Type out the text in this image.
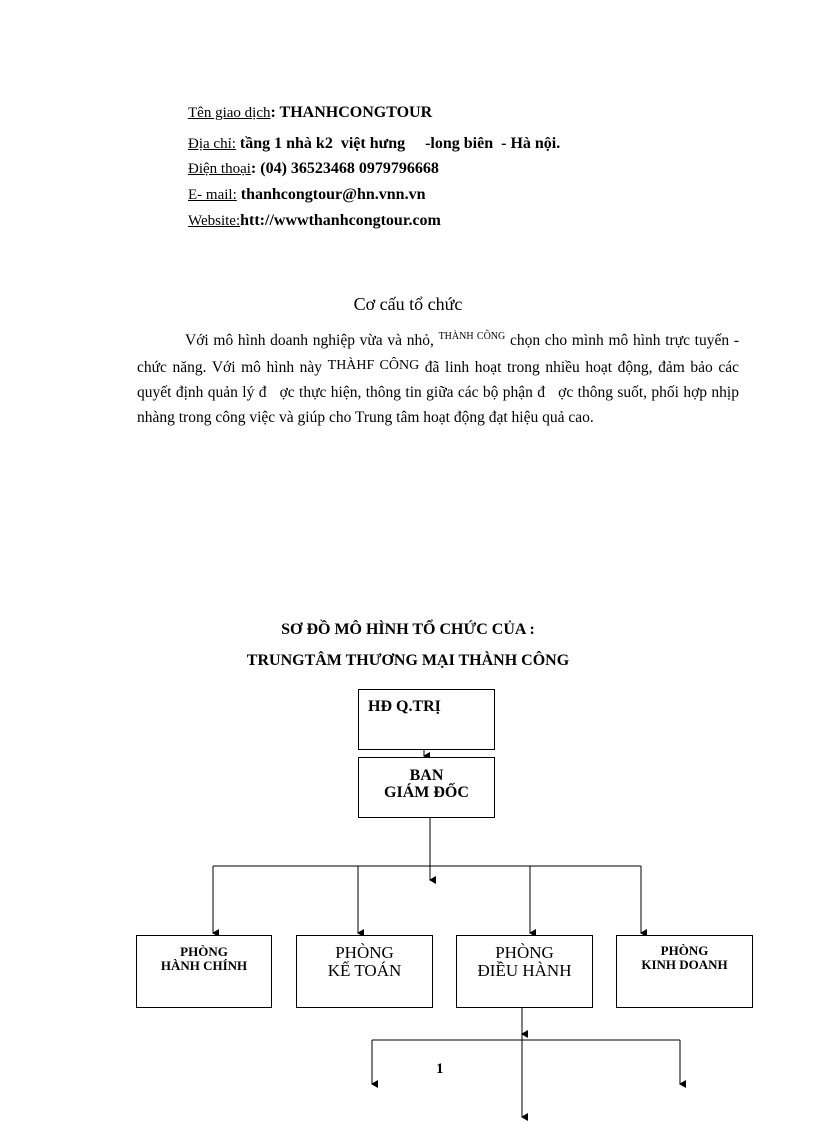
Tên giao dịch: THANHCONGTOUR
Địa chỉ: tầng 1 nhà k2  việt hưng     -long biên  - Hà nội.
Điện thoại: (04) 36523468 0979796668
E- mail: thanhcongtour@hn.vnn.vn
Website:htt://wwwthanhcongtour.com
Cơ cấu tổ chức

Với mô hình doanh nghiệp vừa và nhỏ, $^{THÀNH CÔNG}$ chọn cho mình mô hình trực tuyến - chức năng. Với mô hình này THÀHF CÔNG đã linh hoạt trong nhiều hoạt động, đảm bảo các quyết định quản lý đ   ợc thực hiện, thông tin giữa các bộ phận đ   ợc thông suốt, phối hợp nhịp nhàng trong công việc và giúp cho Trung tâm hoạt động đạt hiệu quả cao.

SƠ ĐỒ MÔ HÌNH TỔ CHỨC CỦA :
TRUNGTÂM THƯƠNG MẠI THÀNH CÔNG
HĐ Q.TRỊ
BAN
GIÁM ĐỐC
PHÒNG
HÀNH CHÍNH
PHÒNG
KẾ TOÁN
PHÒNG
ĐIỀU HÀNH
PHÒNG
KINH DOANH
1
